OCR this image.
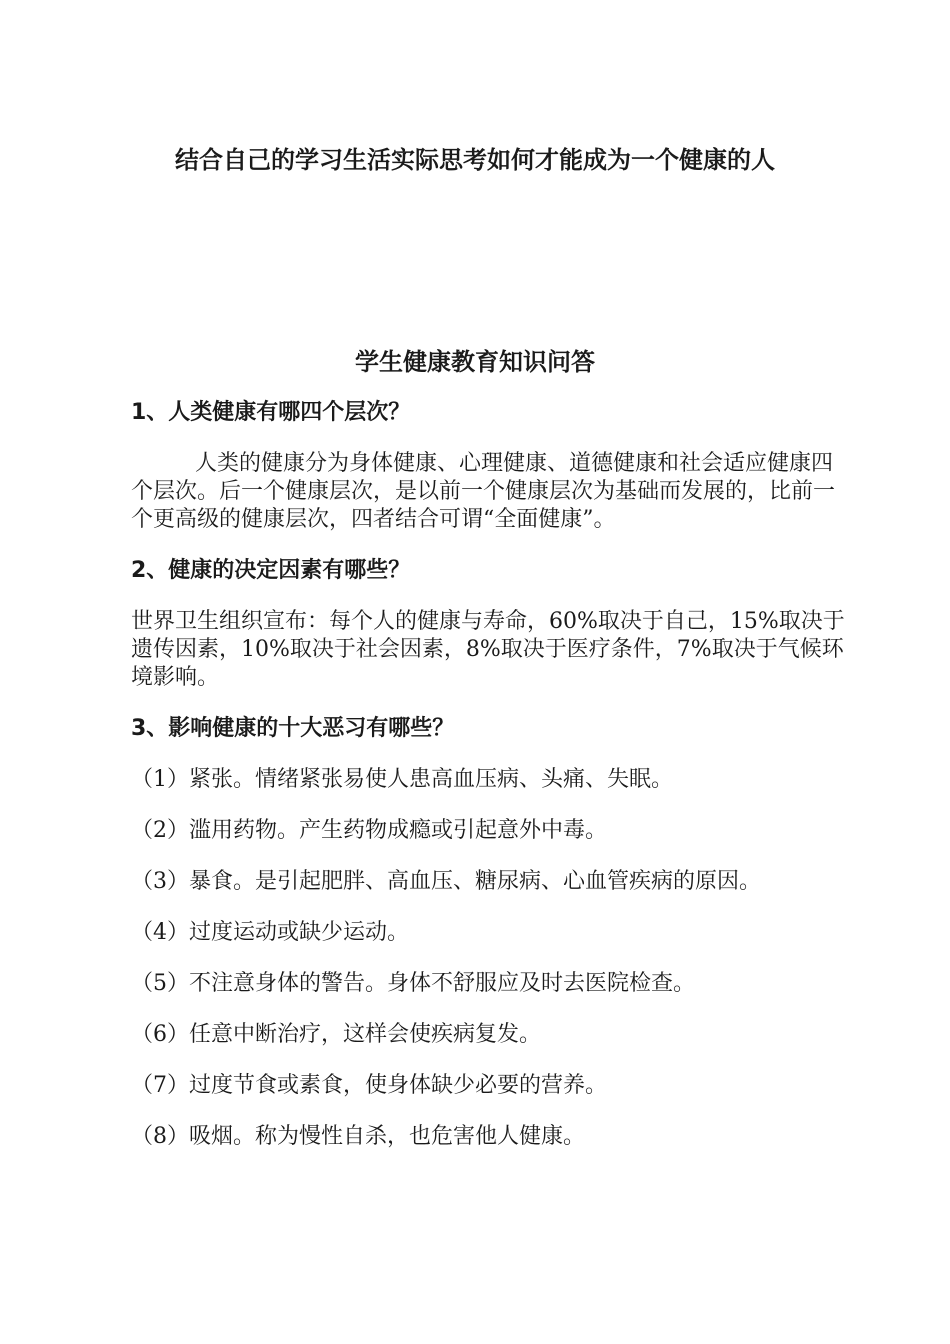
结合自己的学习生活实际思考如何才能成为一个健康的人
学生健康教育知识问答

1、人类健康有哪四个层次？

人类的健康分为身体健康、心理健康、道德健康和社会适应健康四个层次。后一个健康层次，是以前一个健康层次为基础而发展的，比前一个更高级的健康层次，四者结合可谓“全面健康”。

2、健康的决定因素有哪些？

世界卫生组织宣布：每个人的健康与寿命，60%取决于自己，15%取决于遗传因素，10%取决于社会因素，8%取决于医疗条件，7%取决于气候环境影响。

3、影响健康的十大恶习有哪些？

（1）紧张。情绪紧张易使人患高血压病、头痛、失眠。

（2）滥用药物。产生药物成瘾或引起意外中毒。

（3）暴食。是引起肥胖、高血压、糖尿病、心血管疾病的原因。

（4）过度运动或缺少运动。

（5）不注意身体的警告。身体不舒服应及时去医院检查。

（6）任意中断治疗，这样会使疾病复发。

（7）过度节食或素食，使身体缺少必要的营养。

（8）吸烟。称为慢性自杀，也危害他人健康。
